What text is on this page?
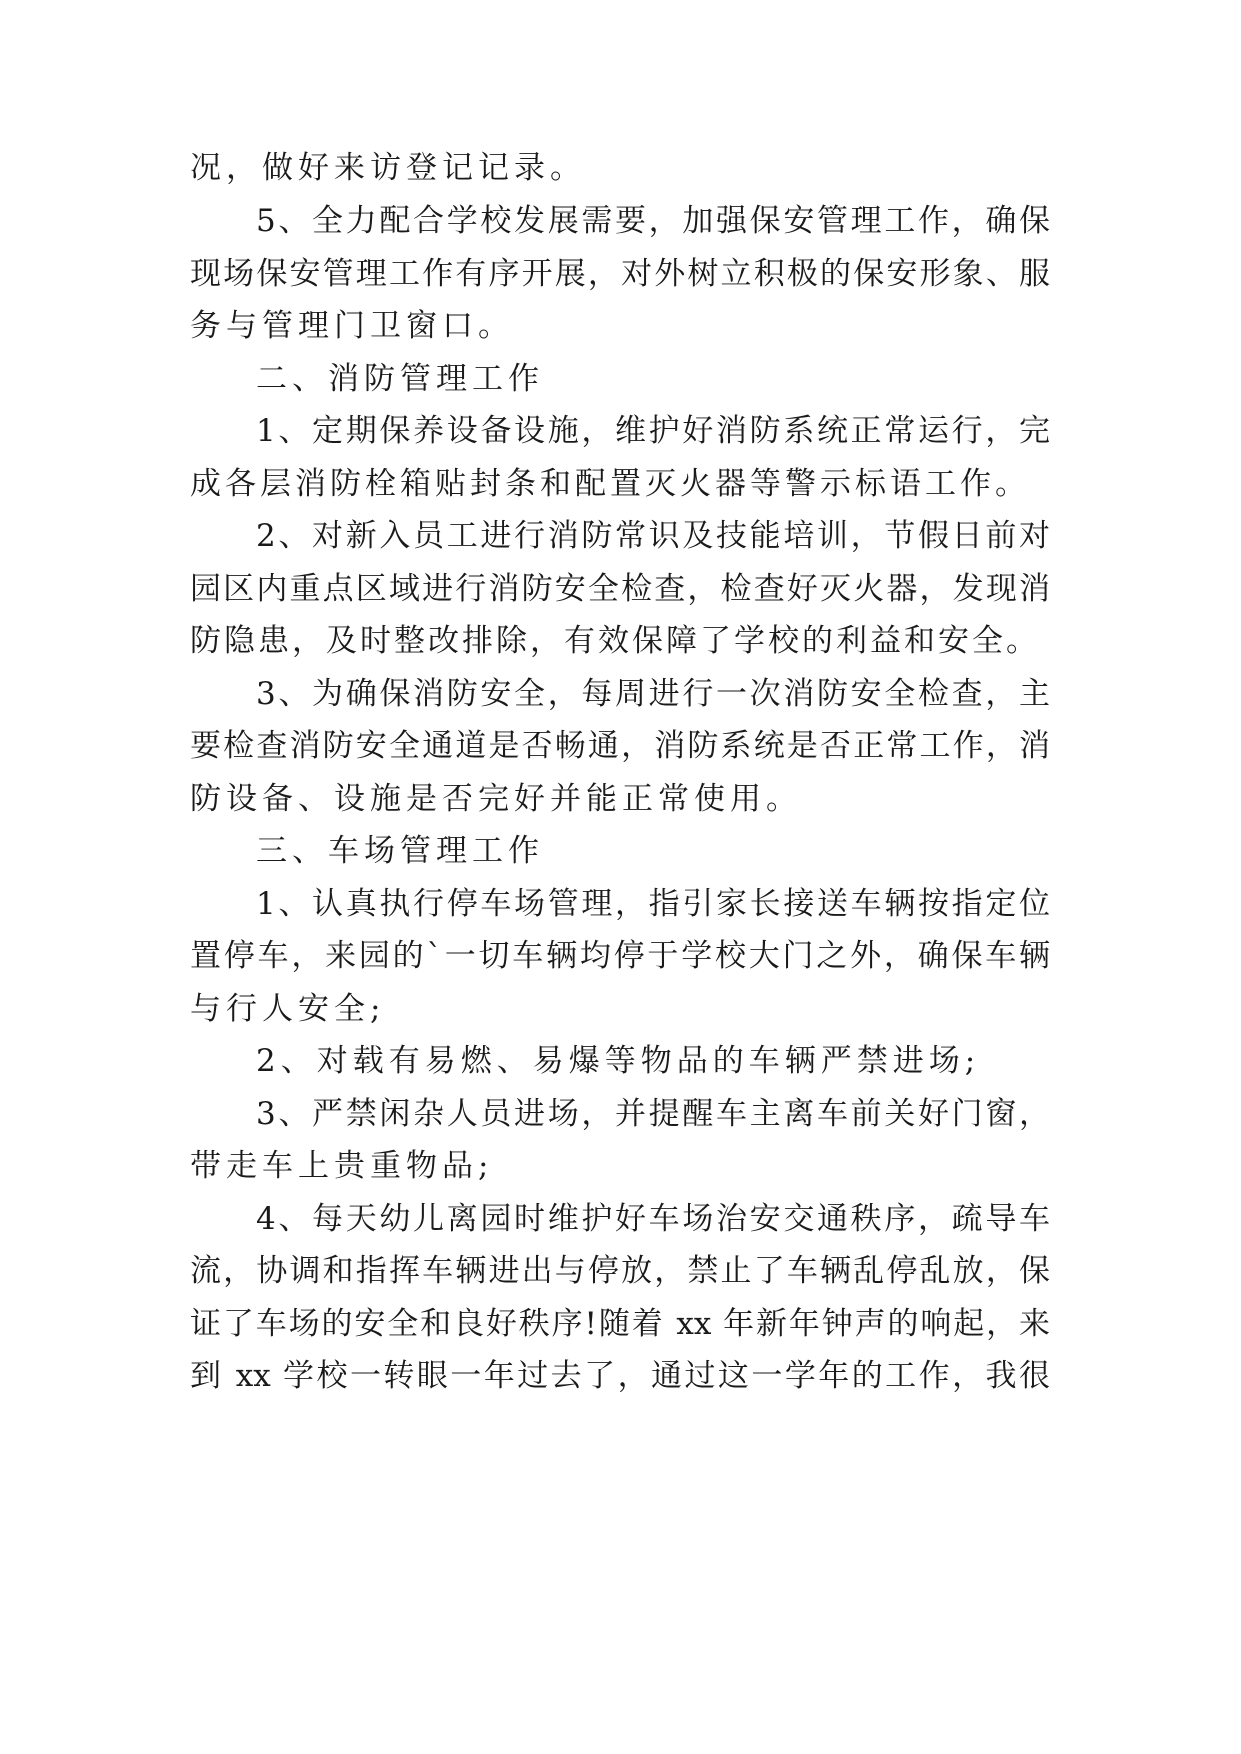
况，做好来访登记记录。
5、全力配合学校发展需要，加强保安管理工作，确保
现场保安管理工作有序开展，对外树立积极的保安形象、服
务与管理门卫窗口。
二、消防管理工作
1、定期保养设备设施，维护好消防系统正常运行，完
成各层消防栓箱贴封条和配置灭火器等警示标语工作。
2、对新入员工进行消防常识及技能培训，节假日前对
园区内重点区域进行消防安全检查，检查好灭火器，发现消
防隐患，及时整改排除，有效保障了学校的利益和安全。
3、为确保消防安全，每周进行一次消防安全检查，主
要检查消防安全通道是否畅通，消防系统是否正常工作，消
防设备、设施是否完好并能正常使用。
三、车场管理工作
1、认真执行停车场管理，指引家长接送车辆按指定位
置停车，来园的`一切车辆均停于学校大门之外，确保车辆
与行人安全;
2、对载有易燃、易爆等物品的车辆严禁进场;
3、严禁闲杂人员进场，并提醒车主离车前关好门窗，
带走车上贵重物品;
4、每天幼儿离园时维护好车场治安交通秩序，疏导车
流，协调和指挥车辆进出与停放，禁止了车辆乱停乱放，保
证了车场的安全和良好秩序!随着 xx 年新年钟声的响起，来
到 xx 学校一转眼一年过去了，通过这一学年的工作，我很
